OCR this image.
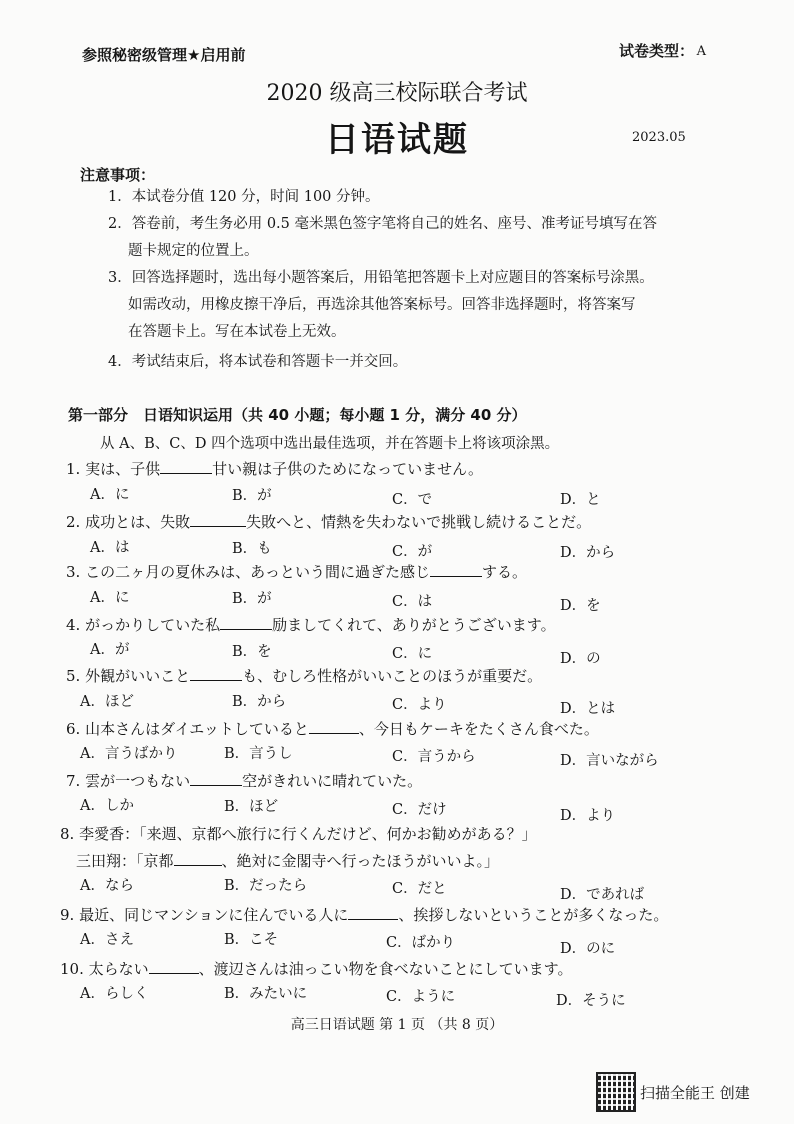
参照秘密级管理★启用前	试卷类型： A
2020 级高三校际联合考试
日语试题	2023.05
注意事项：
1．本试卷分值 120 分，时间 100 分钟。
2．答卷前，考生务必用 0.5 毫米黑色签字笔将自己的姓名、座号、准考证号填写在答
题卡规定的位置上。
3．回答选择题时，选出每小题答案后，用铅笔把答题卡上对应题目的答案标号涂黑。
如需改动，用橡皮擦干净后，再选涂其他答案标号。回答非选择题时，将答案写
在答题卡上。写在本试卷上无效。
4．考试结束后，将本试卷和答题卡一并交回。
第一部分　日语知识运用（共 40 小题；每小题 1 分，满分 40 分）
从 A、B、C、D 四个选项中选出最佳选项，并在答题卡上将该项涂黑。
1. 実は、子供	甘い親は子供のためになっていません。
A．に	B．が	C．で	D．と
2. 成功とは、失敗	失敗へと、情熱を失わないで挑戦し続けることだ。
A．は	B．も	C．が	D．から
3. この二ヶ月の夏休みは、あっという間に過ぎた感じ	する。
A．に	B．が	C．は	D．を
4. がっかりしていた私	励ましてくれて、ありがとうございます。
A．が	B．を	C．に	D．の
5. 外観がいいこと	も、むしろ性格がいいことのほうが重要だ。
A．ほど	B．から	C．より	D．とは
6. 山本さんはダイエットしていると	、今日もケーキをたくさん食べた。
A．言うばかり	B．言うし	C．言うから	D．言いながら
7. 雲が一つもない	空がきれいに晴れていた。
A．しか	B．ほど	C．だけ	D．より
8. 李愛香：「来週、京都へ旅行に行くんだけど、何かお勧めがある？」
三田翔：「京都	、絶対に金閣寺へ行ったほうがいいよ。」
A．なら	B．だったら	C．だと	D．であれば
9. 最近、同じマンションに住んでいる人に	、挨拶しないということが多くなった。
A．さえ	B．こそ	C．ばかり	D．のに
10. 太らない	、渡辺さんは油っこい物を食べないことにしています。
A．らしく	B．みたいに	C．ように	D．そうに
高三日语试题 第 1 页 （共 8 页）
扫描全能王 创建
